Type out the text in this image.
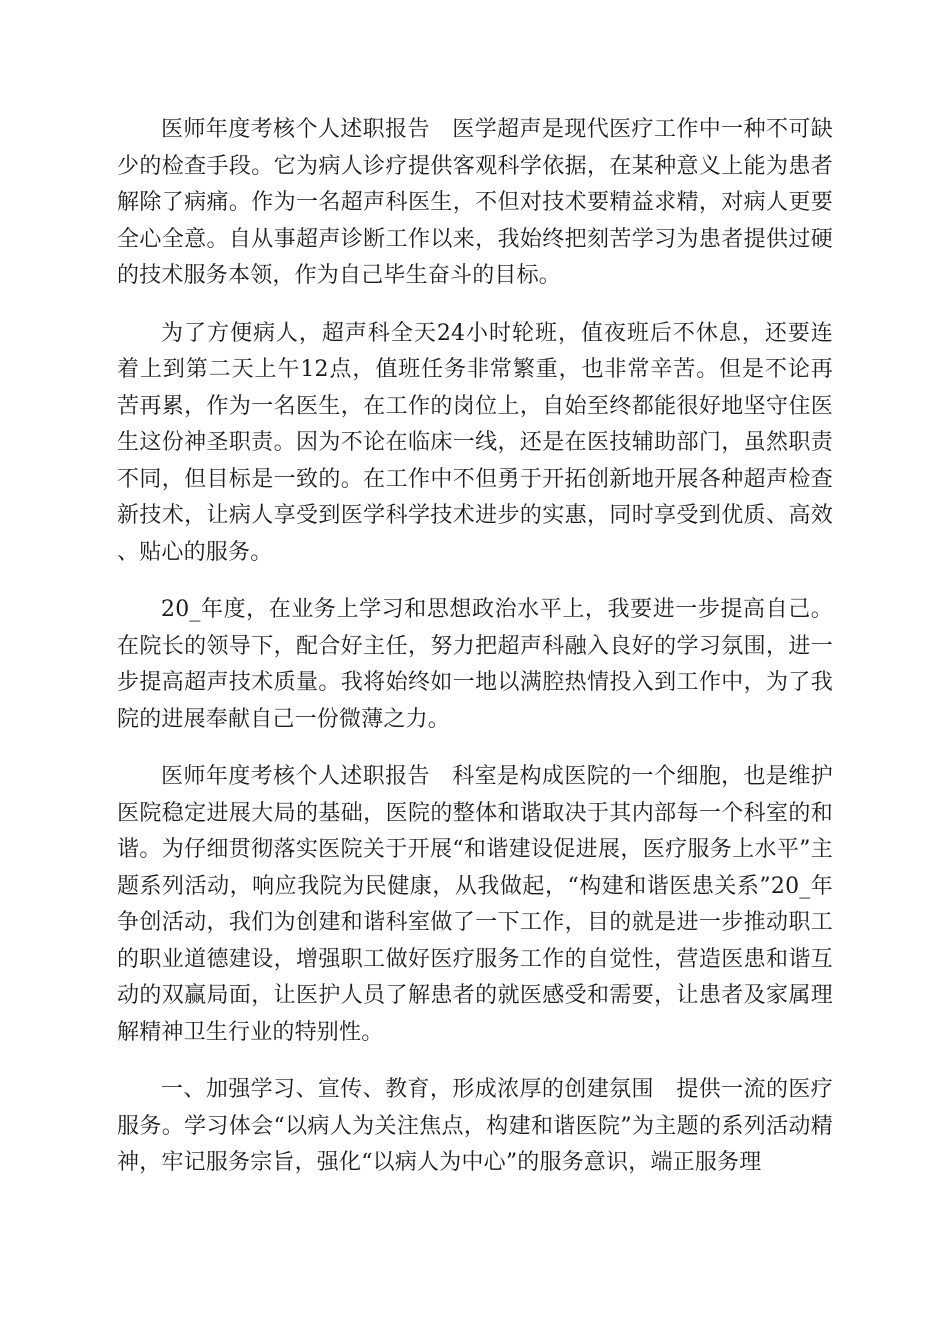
医师年度考核个人述职报告　医学超声是现代医疗工作中一种不可缺少的检查手段。它为病人诊疗提供客观科学依据，在某种意义上能为患者解除了病痛。作为一名超声科医生，不但对技术要精益求精，对病人更要全心全意。自从事超声诊断工作以来，我始终把刻苦学习为患者提供过硬的技术服务本领，作为自己毕生奋斗的目标。

为了方便病人，超声科全天24小时轮班，值夜班后不休息，还要连着上到第二天上午12点，值班任务非常繁重，也非常辛苦。但是不论再苦再累，作为一名医生，在工作的岗位上，自始至终都能很好地坚守住医生这份神圣职责。因为不论在临床一线，还是在医技辅助部门，虽然职责不同，但目标是一致的。在工作中不但勇于开拓创新地开展各种超声检查新技术，让病人享受到医学科学技术进步的实惠，同时享受到优质、高效、贴心的服务。

20_年度，在业务上学习和思想政治水平上，我要进一步提高自己。在院长的领导下，配合好主任，努力把超声科融入良好的学习氛围，进一步提高超声技术质量。我将始终如一地以满腔热情投入到工作中，为了我院的进展奉献自己一份微薄之力。

医师年度考核个人述职报告　科室是构成医院的一个细胞，也是维护医院稳定进展大局的基础，医院的整体和谐取决于其内部每一个科室的和谐。为仔细贯彻落实医院关于开展“和谐建设促进展，医疗服务上水平”主题系列活动，响应我院为民健康，从我做起，“构建和谐医患关系”20_年争创活动，我们为创建和谐科室做了一下工作，目的就是进一步推动职工的职业道德建设，增强职工做好医疗服务工作的自觉性，营造医患和谐互动的双赢局面，让医护人员了解患者的就医感受和需要，让患者及家属理解精神卫生行业的特别性。

一、加强学习、宣传、教育，形成浓厚的创建氛围　提供一流的医疗服务。学习体会“以病人为关注焦点，构建和谐医院”为主题的系列活动精神，牢记服务宗旨，强化“以病人为中心”的服务意识，端正服务理
